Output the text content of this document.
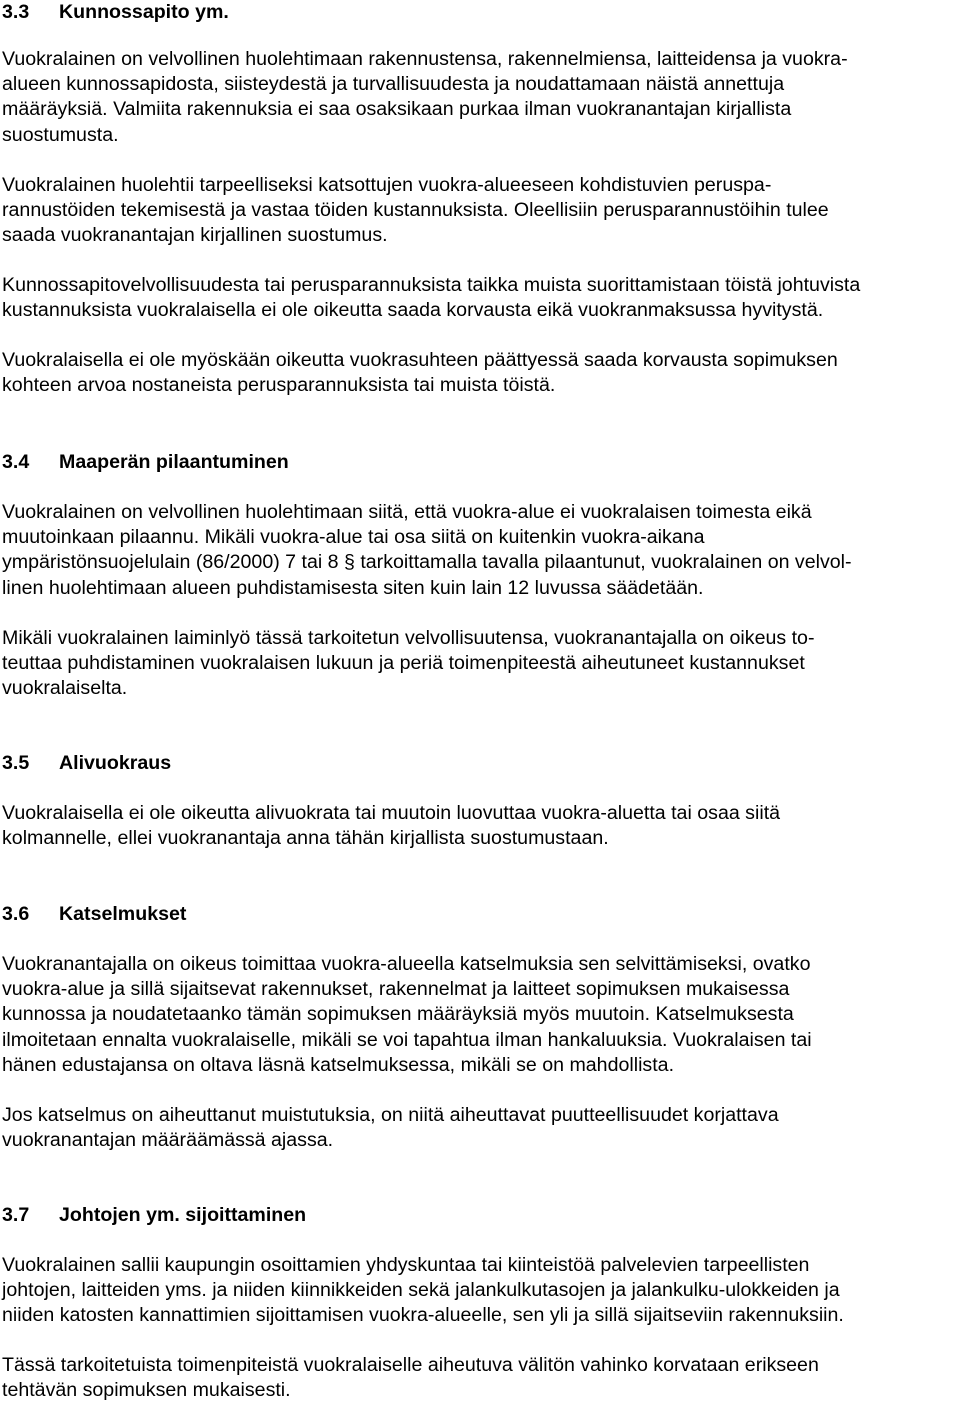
3.3	Kunnossapito ym.
Vuokralainen on velvollinen huolehtimaan rakennustensa, rakennelmiensa, laitteidensa ja vuokra-
alueen kunnossapidosta, siisteydestä ja turvallisuudesta ja noudattamaan näistä annettuja
määräyksiä. Valmiita rakennuksia ei saa osaksikaan purkaa ilman vuokranantajan kirjallista
suostumusta.
Vuokralainen huolehtii tarpeelliseksi katsottujen vuokra-alueeseen kohdistuvien peruspa-
rannustöiden tekemisestä ja vastaa töiden kustannuksista. Oleellisiin perusparannustöihin tulee
saada vuokranantajan kirjallinen suostumus.
Kunnossapitovelvollisuudesta tai perusparannuksista taikka muista suorittamistaan töistä johtuvista
kustannuksista vuokralaisella ei ole oikeutta saada korvausta eikä vuokranmaksussa hyvitystä.
Vuokralaisella ei ole myöskään oikeutta vuokrasuhteen päättyessä saada korvausta sopimuksen
kohteen arvoa nostaneista perusparannuksista tai muista töistä.
3.4	Maaperän pilaantuminen
Vuokralainen on velvollinen huolehtimaan siitä, että vuokra-alue ei vuokralaisen toimesta eikä
muutoinkaan pilaannu. Mikäli vuokra-alue tai osa siitä on kuitenkin vuokra-aikana
ympäristönsuojelulain (86/2000) 7 tai 8 § tarkoittamalla tavalla pilaantunut, vuokralainen on velvol-
linen huolehtimaan alueen puhdistamisesta siten kuin lain 12 luvussa säädetään.
Mikäli vuokralainen laiminlyö tässä tarkoitetun velvollisuutensa, vuokranantajalla on oikeus to-
teuttaa puhdistaminen vuokralaisen lukuun ja periä toimenpiteestä aiheutuneet kustannukset
vuokralaiselta.
3.5	Alivuokraus
Vuokralaisella ei ole oikeutta alivuokrata tai muutoin luovuttaa vuokra-aluetta tai osaa siitä
kolmannelle, ellei vuokranantaja anna tähän kirjallista suostumustaan.
3.6	Katselmukset
Vuokranantajalla on oikeus toimittaa vuokra-alueella katselmuksia sen selvittämiseksi, ovatko
vuokra-alue ja sillä sijaitsevat rakennukset, rakennelmat ja laitteet sopimuksen mukaisessa
kunnossa ja noudatetaanko tämän sopimuksen määräyksiä myös muutoin. Katselmuksesta
ilmoitetaan ennalta vuokralaiselle, mikäli se voi tapahtua ilman hankaluuksia. Vuokralaisen tai
hänen edustajansa on oltava läsnä katselmuksessa, mikäli se on mahdollista.
Jos katselmus on aiheuttanut muistutuksia, on niitä aiheuttavat puutteellisuudet korjattava
vuokranantajan määräämässä ajassa.
3.7	Johtojen ym. sijoittaminen
Vuokralainen sallii kaupungin osoittamien yhdyskuntaa tai kiinteistöä palvelevien tarpeellisten
johtojen, laitteiden yms. ja niiden kiinnikkeiden sekä jalankulkutasojen ja jalankulku-ulokkeiden ja
niiden katosten kannattimien sijoittamisen vuokra-alueelle, sen yli ja sillä sijaitseviin rakennuksiin.
Tässä tarkoitetuista toimenpiteistä vuokralaiselle aiheutuva välitön vahinko korvataan erikseen
tehtävän sopimuksen mukaisesti.
